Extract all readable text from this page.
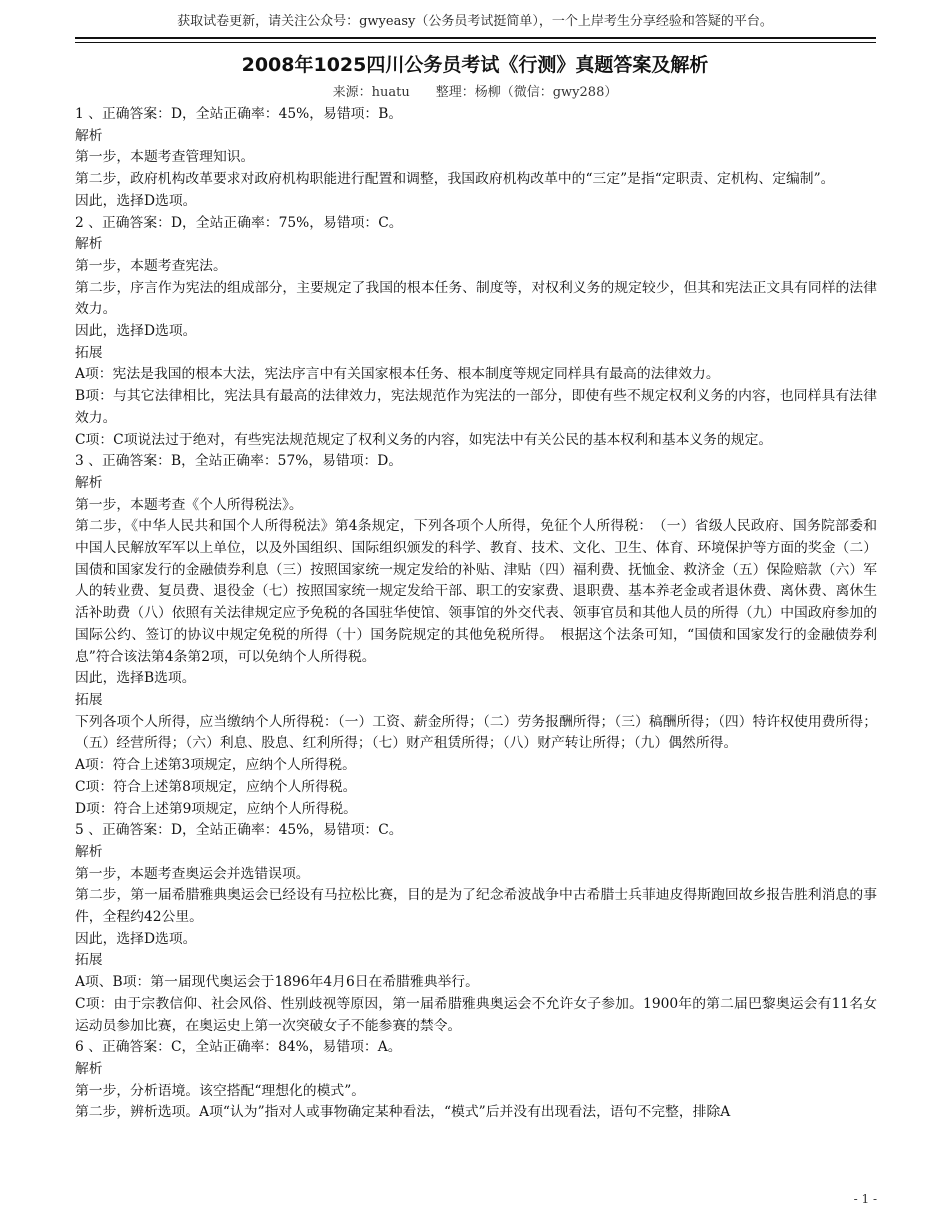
获取试卷更新，请关注公众号：gwyeasy（公务员考试挺简单），一个上岸考生分享经验和答疑的平台。
2008年1025四川公务员考试《行测》真题答案及解析
来源：huatu　　整理：杨柳（微信：gwy288）

1 、正确答案：D，全站正确率：45%，易错项：B。

解析

第一步，本题考查管理知识。

第二步，政府机构改革要求对政府机构职能进行配置和调整，我国政府机构改革中的“三定”是指“定职责、定机构、定编制”。

因此，选择D选项。

2 、正确答案：D，全站正确率：75%，易错项：C。

解析

第一步，本题考查宪法。

第二步，序言作为宪法的组成部分，主要规定了我国的根本任务、制度等，对权利义务的规定较少，但其和宪法正文具有同样的法律效力。

因此，选择D选项。

拓展

A项：宪法是我国的根本大法，宪法序言中有关国家根本任务、根本制度等规定同样具有最高的法律效力。

B项：与其它法律相比，宪法具有最高的法律效力，宪法规范作为宪法的一部分，即使有些不规定权利义务的内容，也同样具有法律效力。

C项：C项说法过于绝对，有些宪法规范规定了权利义务的内容，如宪法中有关公民的基本权利和基本义务的规定。

3 、正确答案：B，全站正确率：57%，易错项：D。

解析

第一步，本题考查《个人所得税法》。

第二步，《中华人民共和国个人所得税法》第4条规定，下列各项个人所得，免征个人所得税：　（一）省级人民政府、国务院部委和中国人民解放军军以上单位，以及外国组织、国际组织颁发的科学、教育、技术、文化、卫生、体育、环境保护等方面的奖金（二）国债和国家发行的金融债券利息（三）按照国家统一规定发给的补贴、津贴（四）福利费、抚恤金、救济金（五）保险赔款（六）军人的转业费、复员费、退役金（七）按照国家统一规定发给干部、职工的安家费、退职费、基本养老金或者退休费、离休费、离休生活补助费（八）依照有关法律规定应予免税的各国驻华使馆、领事馆的外交代表、领事官员和其他人员的所得（九）中国政府参加的国际公约、签订的协议中规定免税的所得（十）国务院规定的其他免税所得。　根据这个法条可知，“国债和国家发行的金融债券利息”符合该法第4条第2项，可以免纳个人所得税。

因此，选择B选项。

拓展

下列各项个人所得，应当缴纳个人所得税：（一）工资、薪金所得；（二）劳务报酬所得；（三）稿酬所得；（四）特许权使用费所得；（五）经营所得；（六）利息、股息、红利所得；（七）财产租赁所得；（八）财产转让所得；（九）偶然所得。

A项：符合上述第3项规定，应纳个人所得税。

C项：符合上述第8项规定，应纳个人所得税。

D项：符合上述第9项规定，应纳个人所得税。

5 、正确答案：D，全站正确率：45%，易错项：C。

解析

第一步，本题考查奥运会并选错误项。

第二步，第一届希腊雅典奥运会已经设有马拉松比赛，目的是为了纪念希波战争中古希腊士兵菲迪皮得斯跑回故乡报告胜利消息的事件，全程约42公里。

因此，选择D选项。

拓展

A项、B项：第一届现代奥运会于1896年4月6日在希腊雅典举行。

C项：由于宗教信仰、社会风俗、性别歧视等原因，第一届希腊雅典奥运会不允许女子参加。1900年的第二届巴黎奥运会有11名女运动员参加比赛，在奥运史上第一次突破女子不能参赛的禁令。

6 、正确答案：C，全站正确率：84%，易错项：A。

解析

第一步，分析语境。该空搭配“理想化的模式”。

第二步，辨析选项。A项“认为”指对人或事物确定某种看法，“模式”后并没有出现看法，语句不完整，排除A

- 1 -
